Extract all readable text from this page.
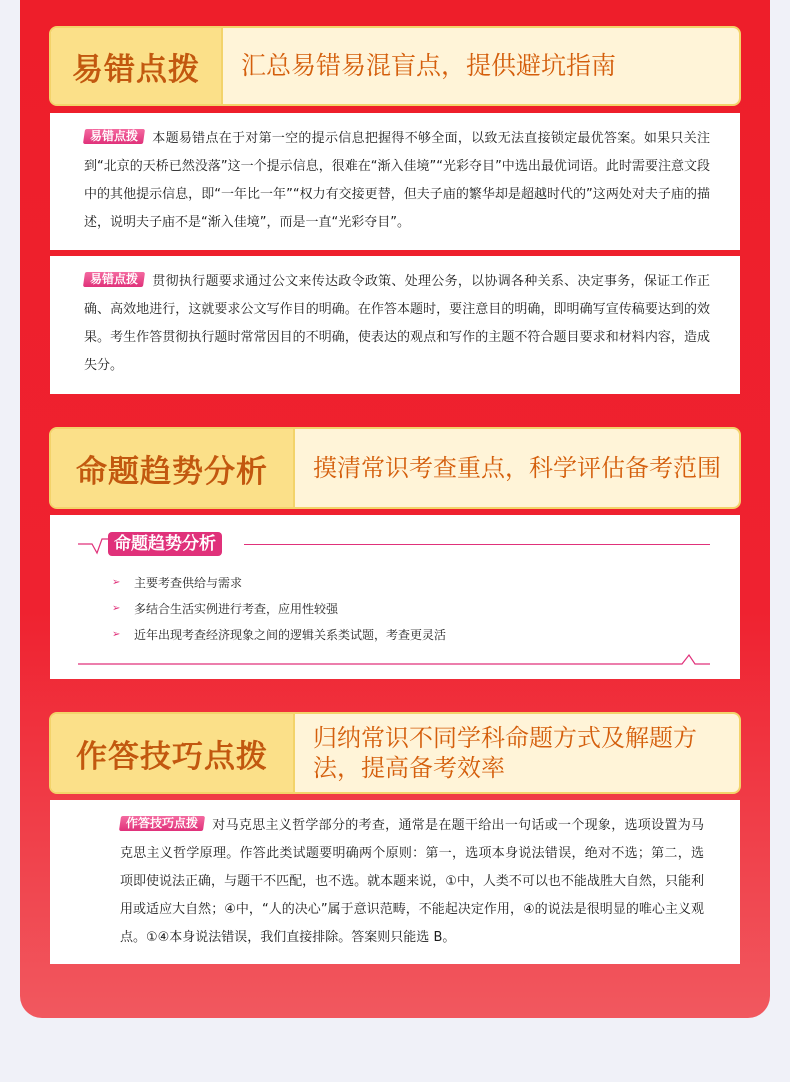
易错点拨	汇总易错易混盲点，提供避坑指南
易错点拨 本题易错点在于对第一空的提示信息把握得不够全面，以致无法直接锁定最优答案。如果只关注到“北京的天桥已然没落”这一个提示信息，很难在“渐入佳境”“光彩夺目”中选出最优词语。此时需要注意文段中的其他提示信息，即“一年比一年”“权力有交接更替，但夫子庙的繁华却是超越时代的”这两处对夫子庙的描述，说明夫子庙不是“渐入佳境”，而是一直“光彩夺目”。
易错点拨 贯彻执行题要求通过公文来传达政令政策、处理公务，以协调各种关系、决定事务，保证工作正确、高效地进行，这就要求公文写作目的明确。在作答本题时，要注意目的明确，即明确写宣传稿要达到的效果。考生作答贯彻执行题时常常因目的不明确，使表达的观点和写作的主题不符合题目要求和材料内容，造成失分。
命题趋势分析	摸清常识考查重点，科学评估备考范围
命题趋势分析
➢	主要考查供给与需求
➢	多结合生活实例进行考查，应用性较强
➢	近年出现考查经济现象之间的逻辑关系类试题，考查更灵活
作答技巧点拨
归纳常识不同学科命题方式及解题方法，提高备考效率
作答技巧点拨 对马克思主义哲学部分的考查，通常是在题干给出一句话或一个现象，选项设置为马克思主义哲学原理。作答此类试题要明确两个原则：第一，选项本身说法错误，绝对不选；第二，选项即使说法正确，与题干不匹配，也不选。就本题来说，①中，人类不可以也不能战胜大自然，只能利用或适应大自然；④中，“人的决心”属于意识范畴，不能起决定作用，④的说法是很明显的唯心主义观点。①④本身说法错误，我们直接排除。答案则只能选 B。
